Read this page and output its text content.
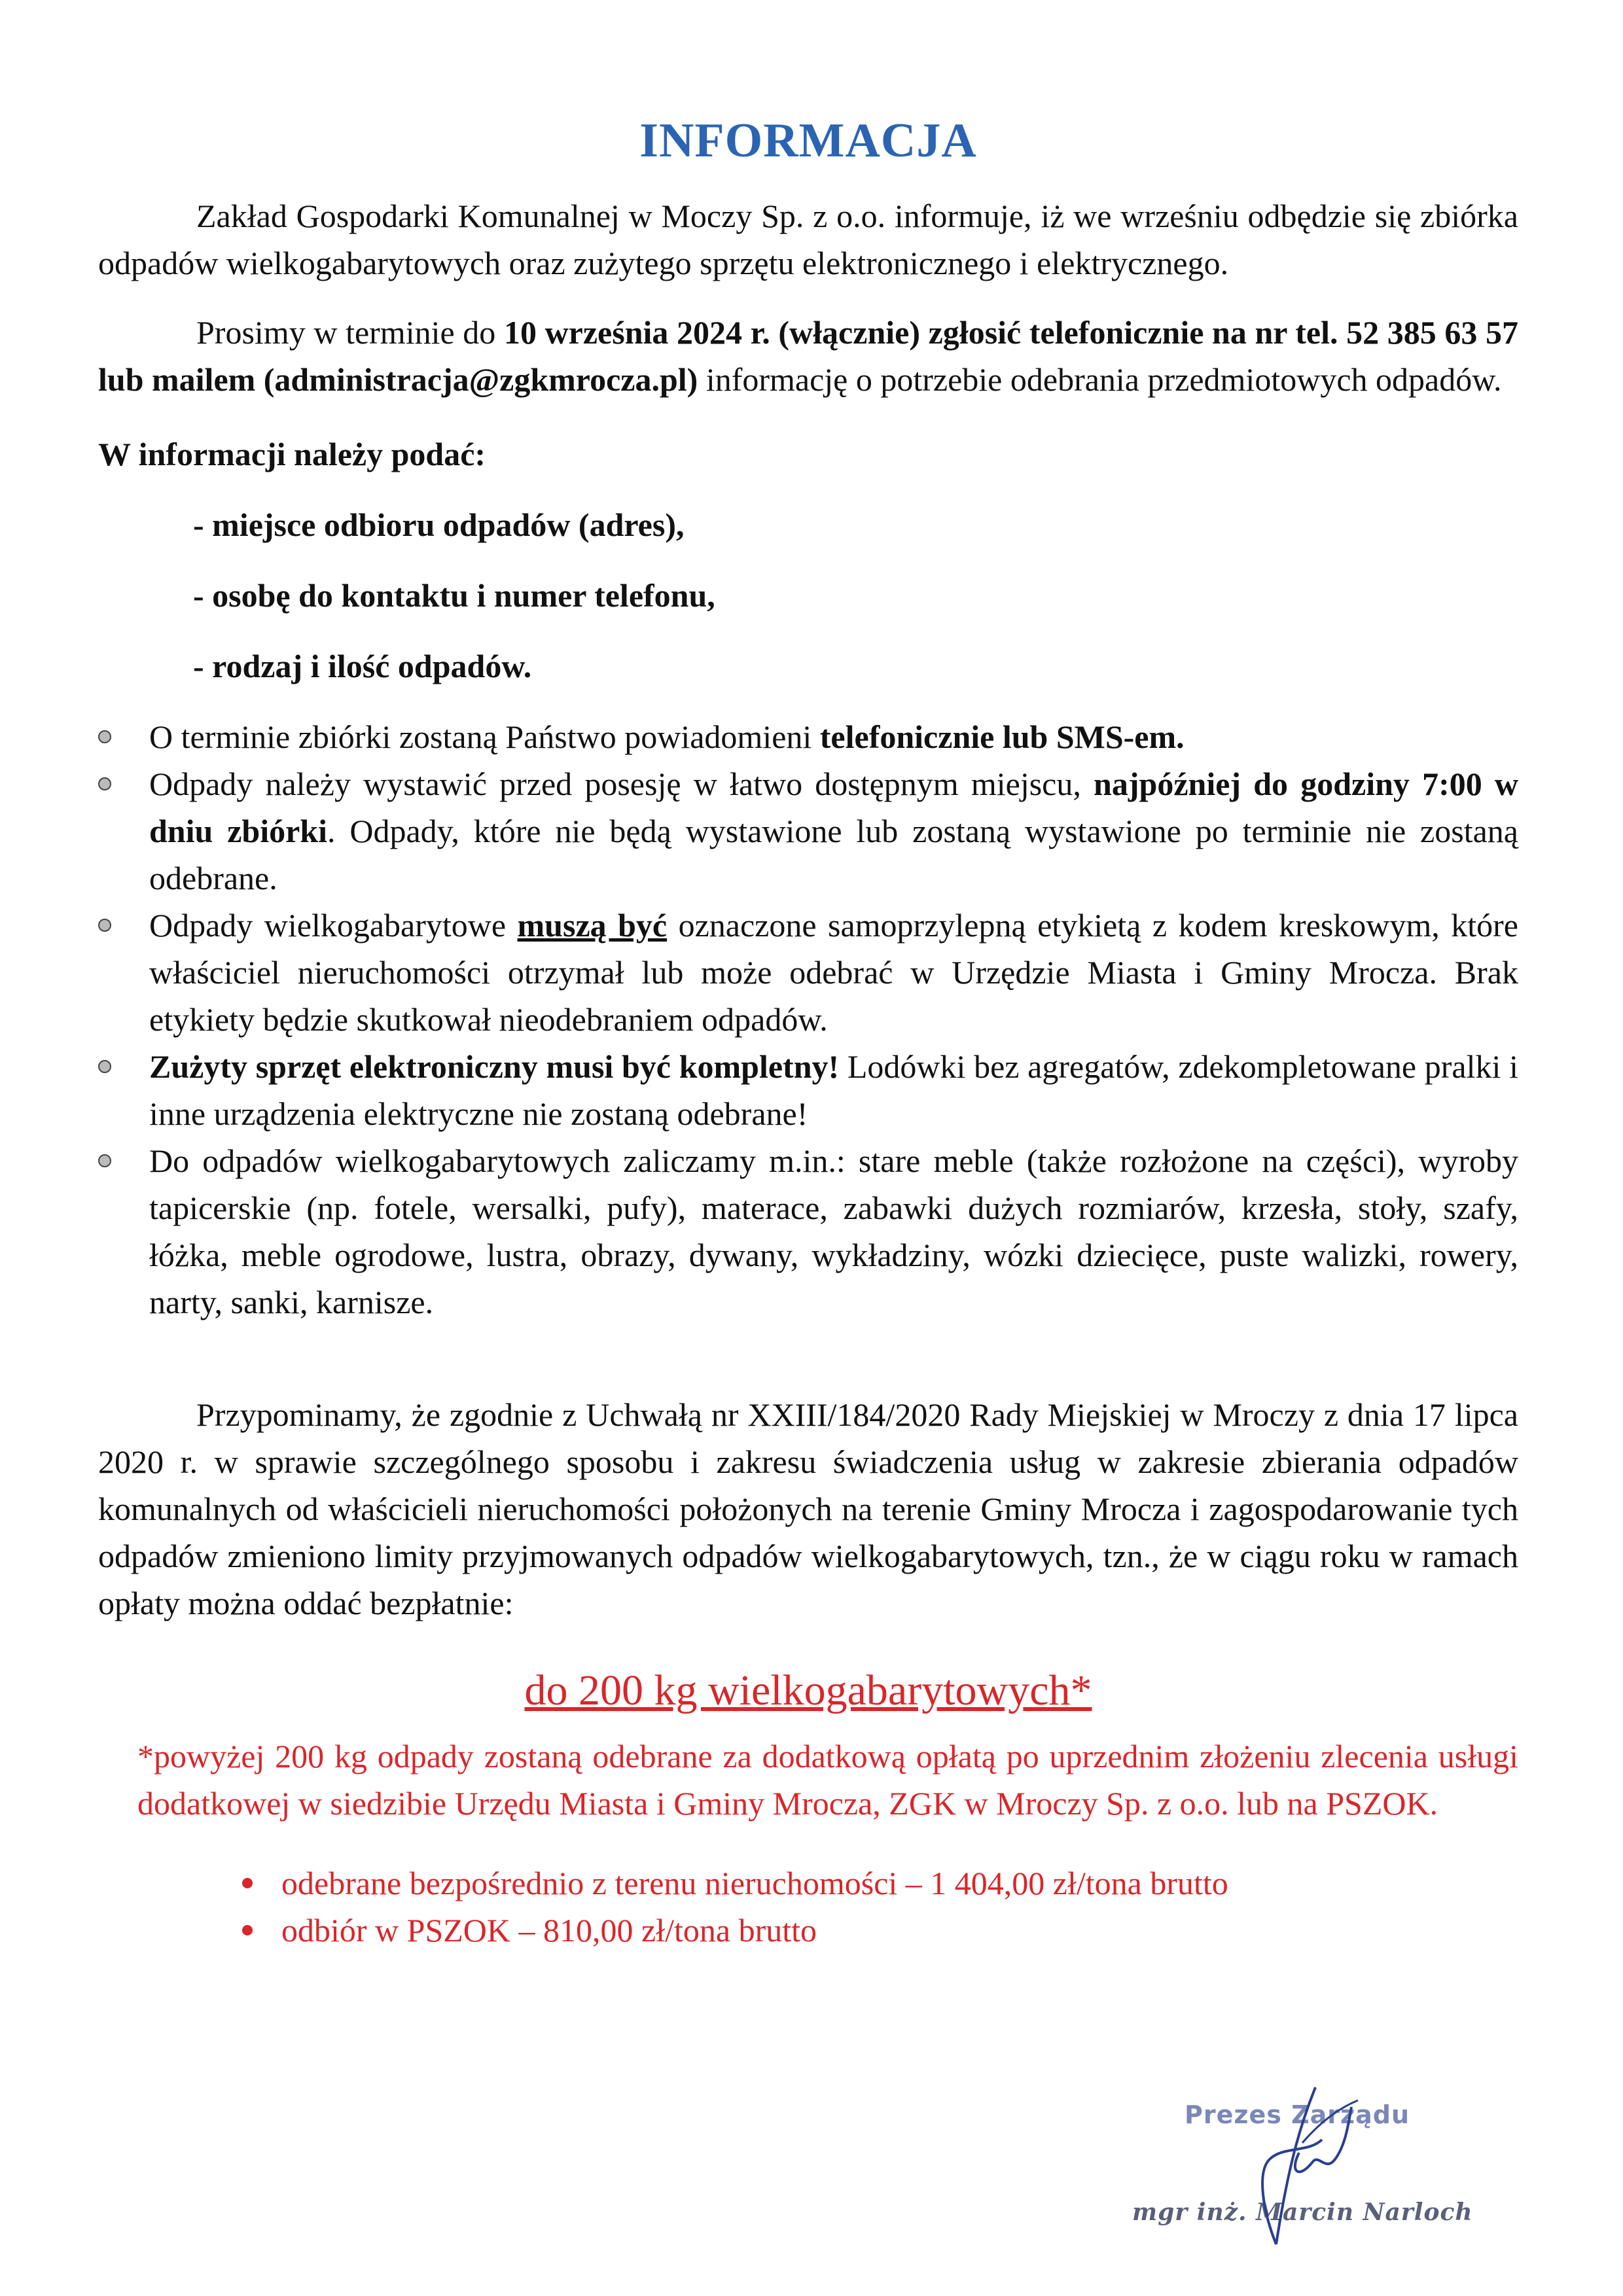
INFORMACJA

Zakład Gospodarki Komunalnej w Moczy Sp. z o.o. informuje, iż we wrześniu odbędzie się zbiórka odpadów wielkogabarytowych oraz zużytego sprzętu elektronicznego i elektrycznego.

Prosimy w terminie do 10 września 2024 r. (włącznie) zgłosić telefonicznie na nr tel. 52 385 63 57 lub mailem (administracja@zgkmrocza.pl) informację o potrzebie odebrania przedmiotowych odpadów.

W informacji należy podać:
- miejsce odbioru odpadów (adres),
- osobę do kontaktu i numer telefonu,
- rodzaj i ilość odpadów.
O terminie zbiórki zostaną Państwo powiadomieni telefonicznie lub SMS-em.
Odpady należy wystawić przed posesję w łatwo dostępnym miejscu, najpóźniej do godziny 7:00 w dniu zbiórki. Odpady, które nie będą wystawione lub zostaną wystawione po terminie nie zostaną odebrane.
Odpady wielkogabarytowe muszą być oznaczone samoprzylepną etykietą z kodem kreskowym, które właściciel nieruchomości otrzymał lub może odebrać w Urzędzie Miasta i Gminy Mrocza. Brak etykiety będzie skutkował nieodebraniem odpadów.
Zużyty sprzęt elektroniczny musi być kompletny! Lodówki bez agregatów, zdekompletowane pralki i inne urządzenia elektryczne nie zostaną odebrane!
Do odpadów wielkogabarytowych zaliczamy m.in.: stare meble (także rozłożone na części), wyroby tapicerskie (np. fotele, wersalki, pufy), materace, zabawki dużych rozmiarów, krzesła, stoły, szafy, łóżka, meble ogrodowe, lustra, obrazy, dywany, wykładziny, wózki dziecięce, puste walizki, rowery, narty, sanki, karnisze.

Przypominamy, że zgodnie z Uchwałą nr XXIII/184/2020 Rady Miejskiej w Mroczy z dnia 17 lipca 2020 r. w sprawie szczególnego sposobu i zakresu świadczenia usług w zakresie zbierania odpadów komunalnych od właścicieli nieruchomości położonych na terenie Gminy Mrocza i zagospodarowanie tych odpadów zmieniono limity przyjmowanych odpadów wielkogabarytowych, tzn., że w ciągu roku w ramach opłaty można oddać bezpłatnie:

do 200 kg wielkogabarytowych*

*powyżej 200 kg odpady zostaną odebrane za dodatkową opłatą po uprzednim złożeniu zlecenia usługi dodatkowej w siedzibie Urzędu Miasta i Gminy Mrocza, ZGK w Mroczy Sp. z o.o. lub na PSZOK.

odebrane bezpośrednio z terenu nieruchomości – 1 404,00 zł/tona brutto
odbiór w PSZOK – 810,00 zł/tona brutto
Prezes Zarządu
mgr inż. Marcin Narloch
